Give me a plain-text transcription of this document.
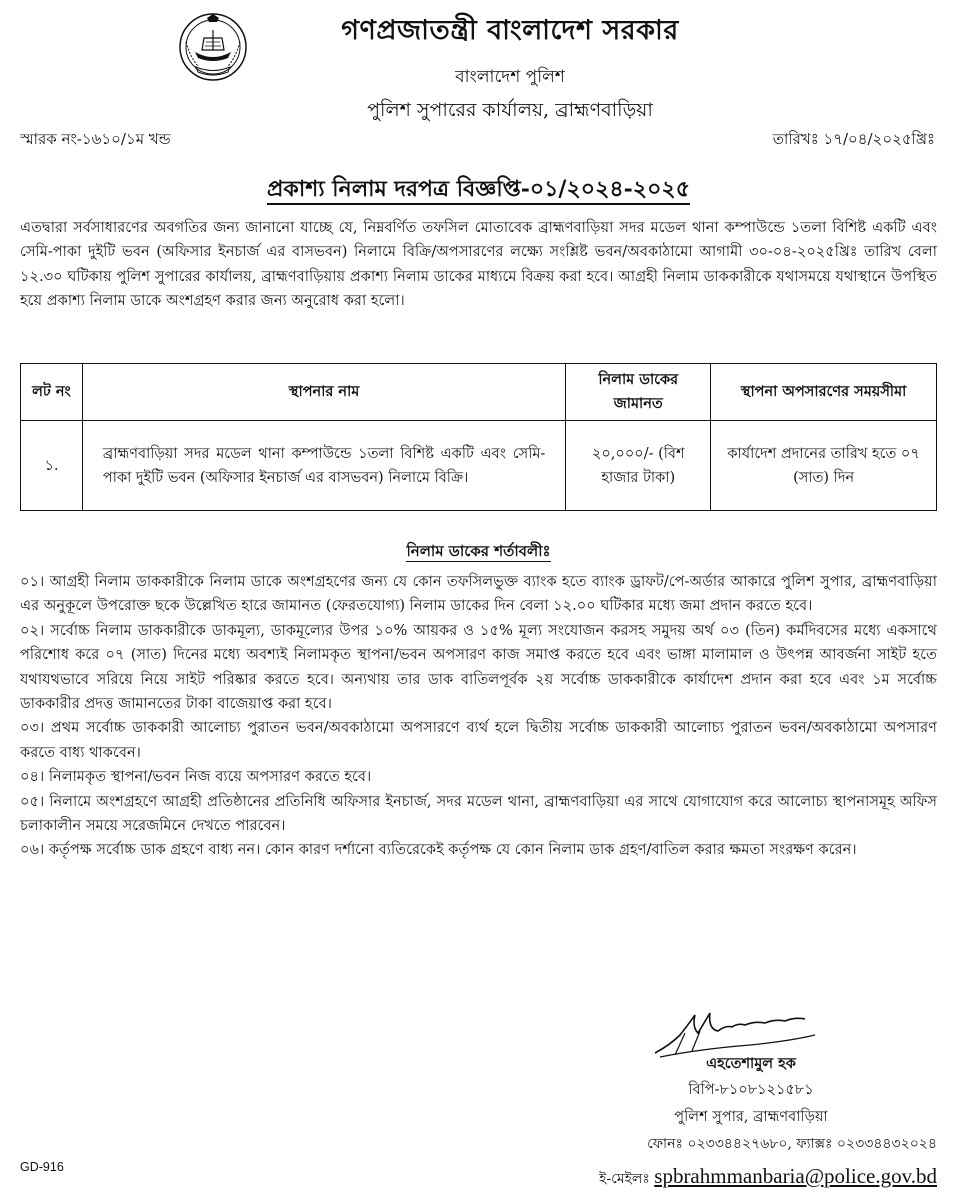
গণপ্রজাতন্ত্রী বাংলাদেশ সরকার
বাংলাদেশ পুলিশ
পুলিশ সুপারের কার্যালয়, ব্রাহ্মণবাড়িয়া
স্মারক নং-১৬১০/১ম খন্ড	তারিখঃ ১৭/০৪/২০২৫খ্রিঃ
প্রকাশ্য নিলাম দরপত্র বিজ্ঞপ্তি-০১/২০২৪-২০২৫
এতদ্বারা সর্বসাধারণের অবগতির জন্য জানানো যাচ্ছে যে, নিম্নবর্ণিত তফসিল মোতাবেক ব্রাহ্মণবাড়িয়া সদর মডেল থানা কম্পাউন্ডে ১তলা বিশিষ্ট একটি এবং সেমি-পাকা দুইটি ভবন (অফিসার ইনচার্জ এর বাসভবন) নিলামে বিক্রি/অপসারণের লক্ষ্যে সংশ্লিষ্ট ভবন/অবকাঠামো আগামী ৩০-০৪-২০২৫খ্রিঃ তারিখ বেলা ১২.৩০ ঘটিকায় পুলিশ সুপারের কার্যালয়, ব্রাহ্মণবাড়িয়ায় প্রকাশ্য নিলাম ডাকের মাধ্যমে বিক্রয় করা হবে। আগ্রহী নিলাম ডাককারীকে যথাসময়ে যথাস্থানে উপস্থিত হয়ে প্রকাশ্য নিলাম ডাকে অংশগ্রহণ করার জন্য অনুরোধ করা হলো।
লট নং	স্থাপনার নাম	নিলাম ডাকের জামানত	স্থাপনা অপসারণের সময়সীমা
১.	ব্রাহ্মণবাড়িয়া সদর মডেল থানা কম্পাউন্ডে ১তলা বিশিষ্ট একটি এবং সেমি-পাকা দুইটি ভবন (অফিসার ইনচার্জ এর বাসভবন) নিলামে বিক্রি।	২০,০০০/- (বিশ হাজার টাকা)	কার্যাদেশ প্রদানের তারিখ হতে ০৭ (সাত) দিন
নিলাম ডাকের শর্তাবলীঃ

০১। আগ্রহী নিলাম ডাককারীকে নিলাম ডাকে অংশগ্রহণের জন্য যে কোন তফসিলভুক্ত ব্যাংক হতে ব্যাংক ড্রাফট/পে-অর্ডার আকারে পুলিশ সুপার, ব্রাহ্মণবাড়িয়া এর অনুকূলে উপরোক্ত ছকে উল্লেখিত হারে জামানত (ফেরতযোগ্য) নিলাম ডাকের দিন বেলা ১২.০০ ঘটিকার মধ্যে জমা প্রদান করতে হবে।

০২। সর্বোচ্চ নিলাম ডাককারীকে ডাকমূল্য, ডাকমূল্যের উপর ১০% আয়কর ও ১৫% মূল্য সংযোজন করসহ সমুদয় অর্থ ০৩ (তিন) কর্মদিবসের মধ্যে একসাথে পরিশোধ করে ০৭ (সাত) দিনের মধ্যে অবশ্যই নিলামকৃত স্থাপনা/ভবন অপসারণ কাজ সমাপ্ত করতে হবে এবং ভাঙ্গা মালামাল ও উৎপন্ন আবর্জনা সাইট হতে যথাযথভাবে সরিয়ে নিয়ে সাইট পরিষ্কার করতে হবে। অন্যথায় তার ডাক বাতিলপূর্বক ২য় সর্বোচ্চ ডাককারীকে কার্যাদেশ প্রদান করা হবে এবং ১ম সর্বোচ্চ ডাককারীর প্রদত্ত জামানতের টাকা বাজেয়াপ্ত করা হবে।

০৩। প্রথম সর্বোচ্চ ডাককারী আলোচ্য পুরাতন ভবন/অবকাঠামো অপসারণে ব্যর্থ হলে দ্বিতীয় সর্বোচ্চ ডাককারী আলোচ্য পুরাতন ভবন/অবকাঠামো অপসারণ করতে বাধ্য থাকবেন।

০৪। নিলামকৃত স্থাপনা/ভবন নিজ ব্যয়ে অপসারণ করতে হবে।

০৫। নিলামে অংশগ্রহণে আগ্রহী প্রতিষ্ঠানের প্রতিনিধি অফিসার ইনচার্জ, সদর মডেল থানা, ব্রাহ্মণবাড়িয়া এর সাথে যোগাযোগ করে আলোচ্য স্থাপনাসমূহ অফিস চলাকালীন সময়ে সরেজমিনে দেখতে পারবেন।

০৬। কর্তৃপক্ষ সর্বোচ্চ ডাক গ্রহণে বাধ্য নন। কোন কারণ দর্শানো ব্যতিরেকেই কর্তৃপক্ষ যে কোন নিলাম ডাক গ্রহণ/বাতিল করার ক্ষমতা সংরক্ষণ করেন।

এহতেশামুল হক
বিপি-৮১০৮১২১৫৮১
পুলিশ সুপার, ব্রাহ্মণবাড়িয়া
ফোনঃ ০২৩৩৪৪২৭৬৮০, ফ্যাক্সঃ ০২৩৩৪৪৩২০২৪
ই-মেইলঃ spbrahmmanbaria@police.gov.bd
GD-916
